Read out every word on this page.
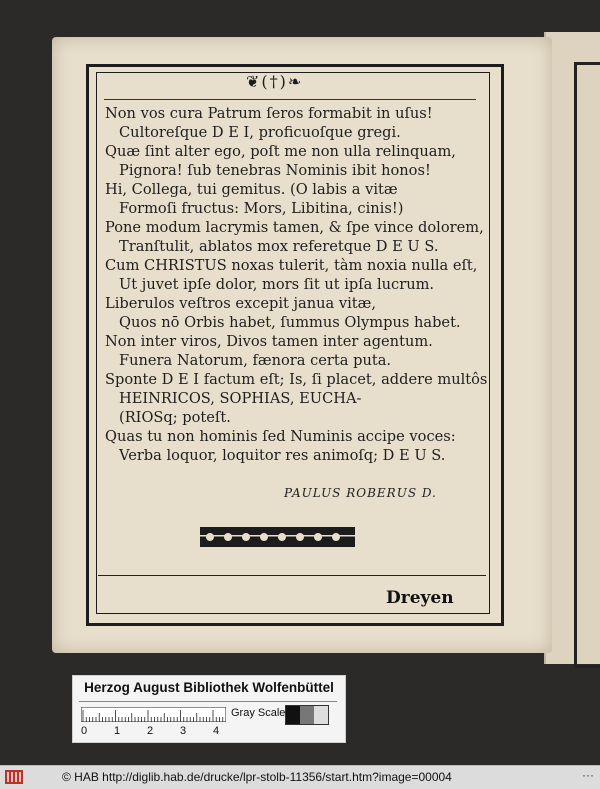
❦(†)❧
Non vos cura Patrum ſeros formabit in uſus!
Cultoreſque D E I, proficuoſque gregi.
Quæ ſint alter ego, poſt me non ulla relinquam,
Pignora! ſub tenebras Nominis ibit honos!
Hi, Collega, tui gemitus. (O labis a vitæ
Formoſi fructus: Mors, Libitina, cinis!)
Pone modum lacrymis tamen, & ſpe vince dolorem,
Tranſtulit, ablatos mox referetque D E U S.
Cum CHRISTUS noxas tulerit, tàm noxia nulla eſt,
Ut juvet ipſe dolor, mors ſit ut ipſa lucrum.
Liberulos veſtros excepit janua vitæ,
Quos nō Orbis habet, ſummus Olympus habet.
Non inter viros, Divos tamen inter agentum.
Funera Natorum, fænora certa puta.
Sponte D E I factum eſt; Is, ſi placet, addere multôs
HEINRICOS, SOPHIAS, EUCHA-
(RIOSq; poteſt.
Quas tu non hominis ſed Numinis accipe voces:
Verba loquor, loquitor res animoſq; D E U S.
PAULUS ROBERUS D.
Dreyen
Herzog August Bibliothek Wolfenbüttel
0 1 2 3 4
Gray Scale
© HAB http://diglib.hab.de/drucke/lpr-stolb-11356/start.htm?image=00004	···
